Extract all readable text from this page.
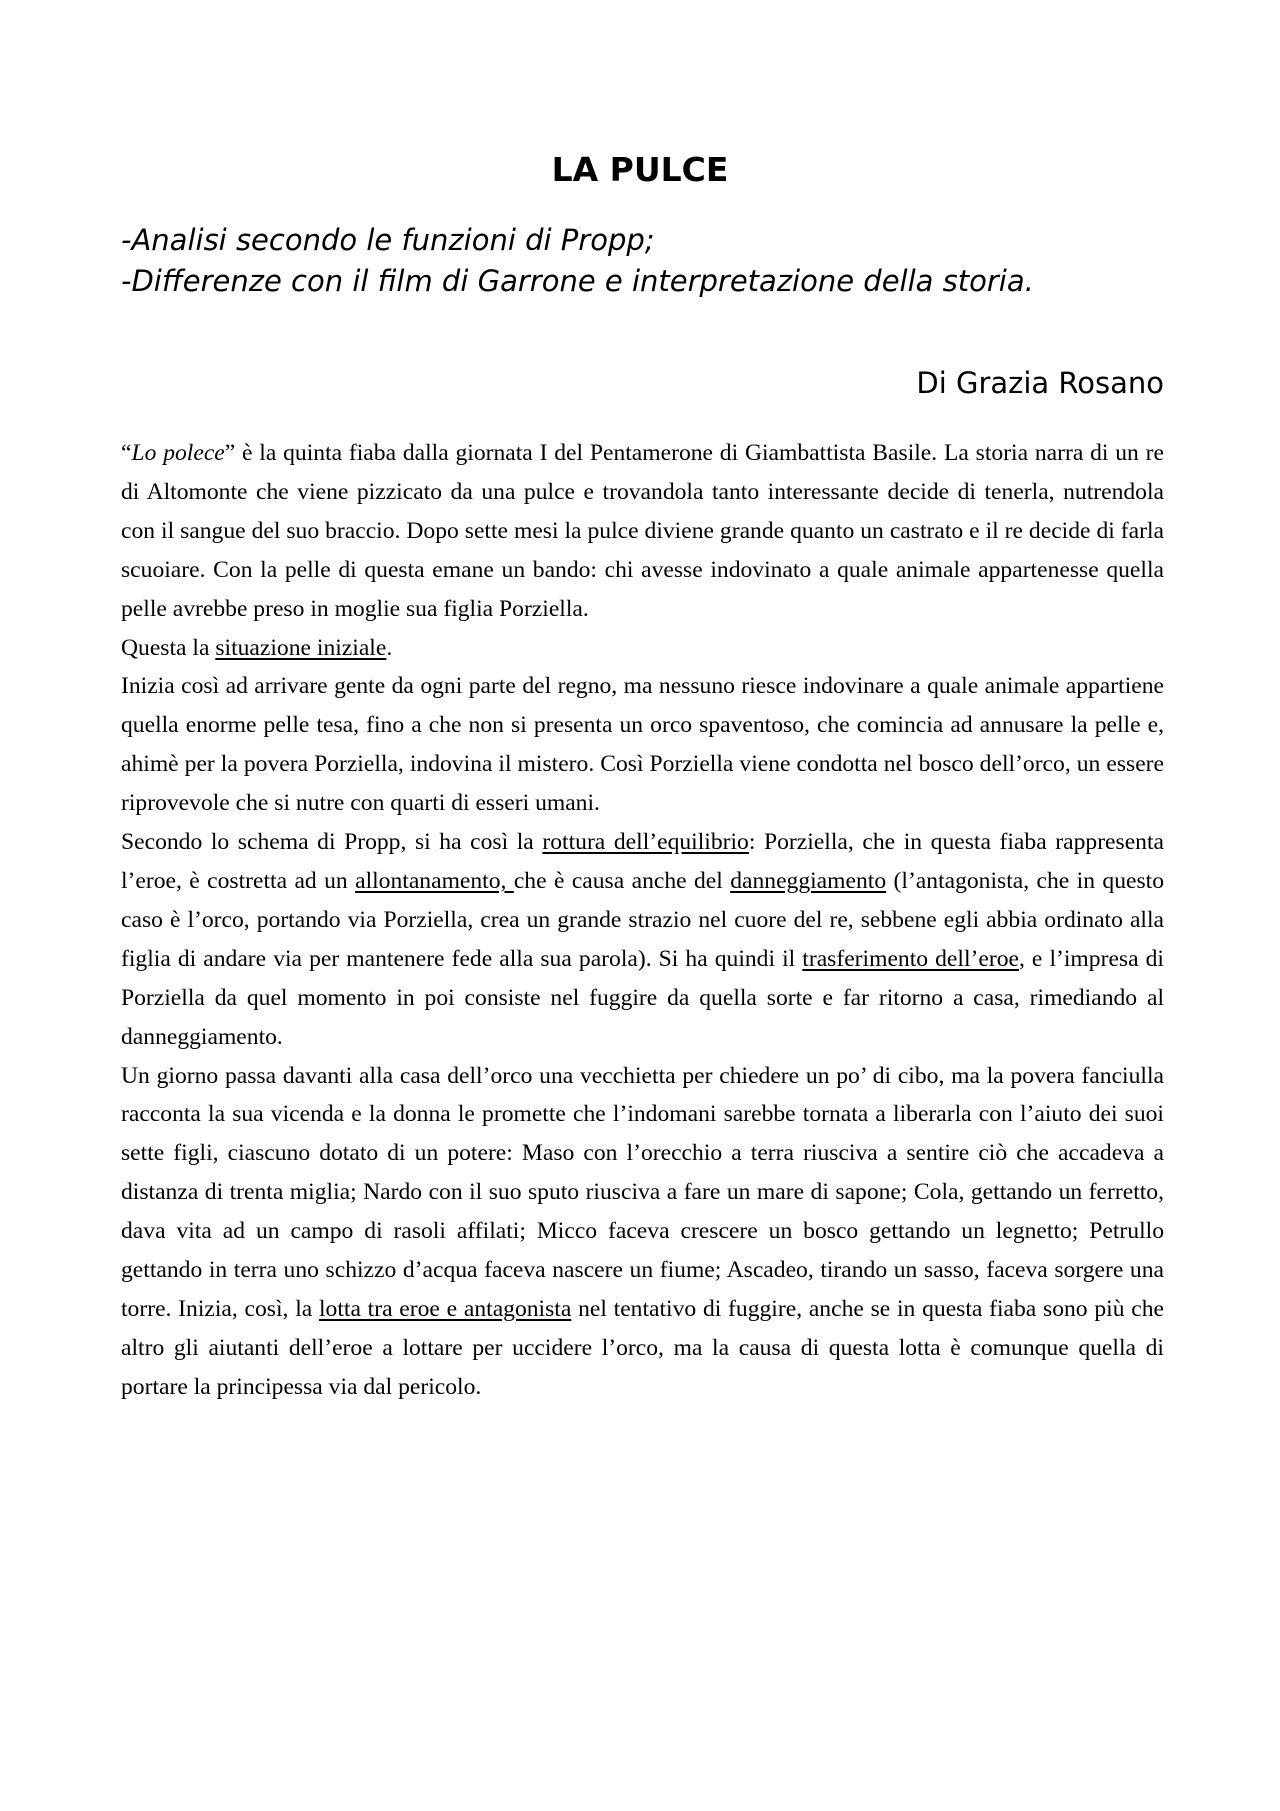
LA PULCE
-Analisi secondo le funzioni di Propp;
-Differenze con il film di Garrone e interpretazione della storia.
Di Grazia Rosano

“Lo polece” è la quinta fiaba dalla giornata I del Pentamerone di Giambattista Basile. La storia narra di un re di Altomonte che viene pizzicato da una pulce e trovandola tanto interessante decide di tenerla, nutrendola con il sangue del suo braccio. Dopo sette mesi la pulce diviene grande quanto un castrato e il re decide di farla scuoiare. Con la pelle di questa emane un bando: chi avesse indovinato a quale animale appartenesse quella pelle avrebbe preso in moglie sua figlia Porziella.

Questa la situazione iniziale.

Inizia così ad arrivare gente da ogni parte del regno, ma nessuno riesce indovinare a quale animale appartiene quella enorme pelle tesa, fino a che non si presenta un orco spaventoso, che comincia ad annusare la pelle e, ahimè per la povera Porziella, indovina il mistero. Così Porziella viene condotta nel bosco dell’orco, un essere riprovevole che si nutre con quarti di esseri umani.

Secondo lo schema di Propp, si ha così la rottura dell’equilibrio: Porziella, che in questa fiaba rappresenta l’eroe, è costretta ad un allontanamento, che è causa anche del danneggiamento (l’antagonista, che in questo caso è l’orco, portando via Porziella, crea un grande strazio nel cuore del re, sebbene egli abbia ordinato alla figlia di andare via per mantenere fede alla sua parola). Si ha quindi il trasferimento dell’eroe, e l’impresa di Porziella da quel momento in poi consiste nel fuggire da quella sorte e far ritorno a casa, rimediando al danneggiamento.

Un giorno passa davanti alla casa dell’orco una vecchietta per chiedere un po’ di cibo, ma la povera fanciulla racconta la sua vicenda e la donna le promette che l’indomani sarebbe tornata a liberarla con l’aiuto dei suoi sette figli, ciascuno dotato di un potere: Maso con l’orecchio a terra riusciva a sentire ciò che accadeva a distanza di trenta miglia; Nardo con il suo sputo riusciva a fare un mare di sapone; Cola, gettando un ferretto, dava vita ad un campo di rasoli affilati; Micco faceva crescere un bosco gettando un legnetto; Petrullo gettando in terra uno schizzo d’acqua faceva nascere un fiume; Ascadeo, tirando un sasso, faceva sorgere una torre. Inizia, così, la lotta tra eroe e antagonista nel tentativo di fuggire, anche se in questa fiaba sono più che altro gli aiutanti dell’eroe a lottare per uccidere l’orco, ma la causa di questa lotta è comunque quella di portare la principessa via dal pericolo.
